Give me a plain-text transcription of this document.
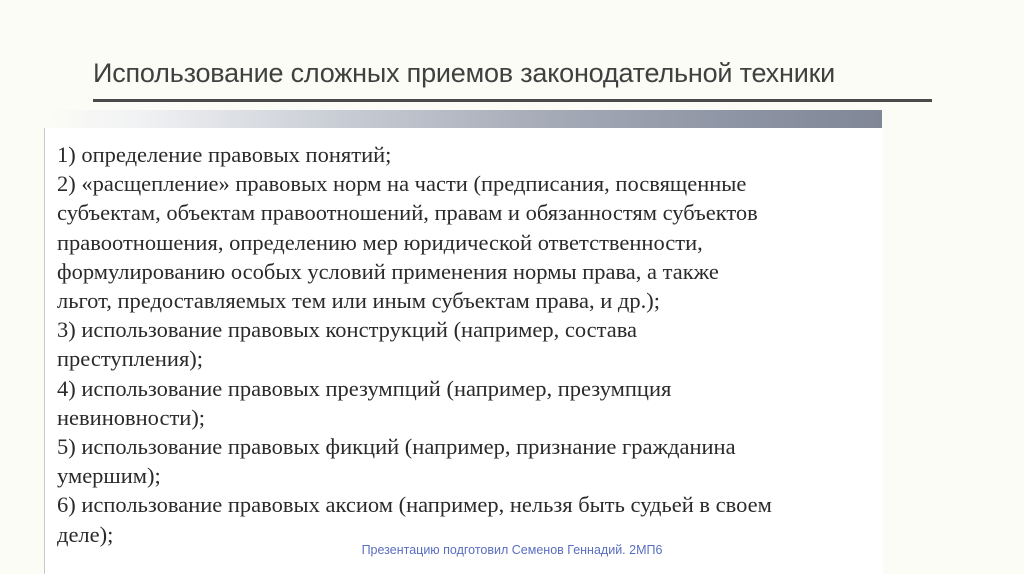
Использование сложных приемов законодательной техники
1) определение правовых понятий;
2) «расщепление» правовых норм на части (предписания, посвященные
субъектам, объектам правоотношений, правам и обязанностям субъектов
правоотношения, определению мер юридической ответственности,
формулированию особых условий применения нормы права, а также
льгот, предоставляемых тем или иным субъектам права, и др.);
3) использование правовых конструкций (например, состава
преступления);
4) использование правовых презумпций (например, презумпция
невиновности);
5) использование правовых фикций (например, признание гражданина
умершим);
6) использование правовых аксиом (например, нельзя быть судьей в своем
деле);
Презентацию подготовил Семенов Геннадий. 2МП6
